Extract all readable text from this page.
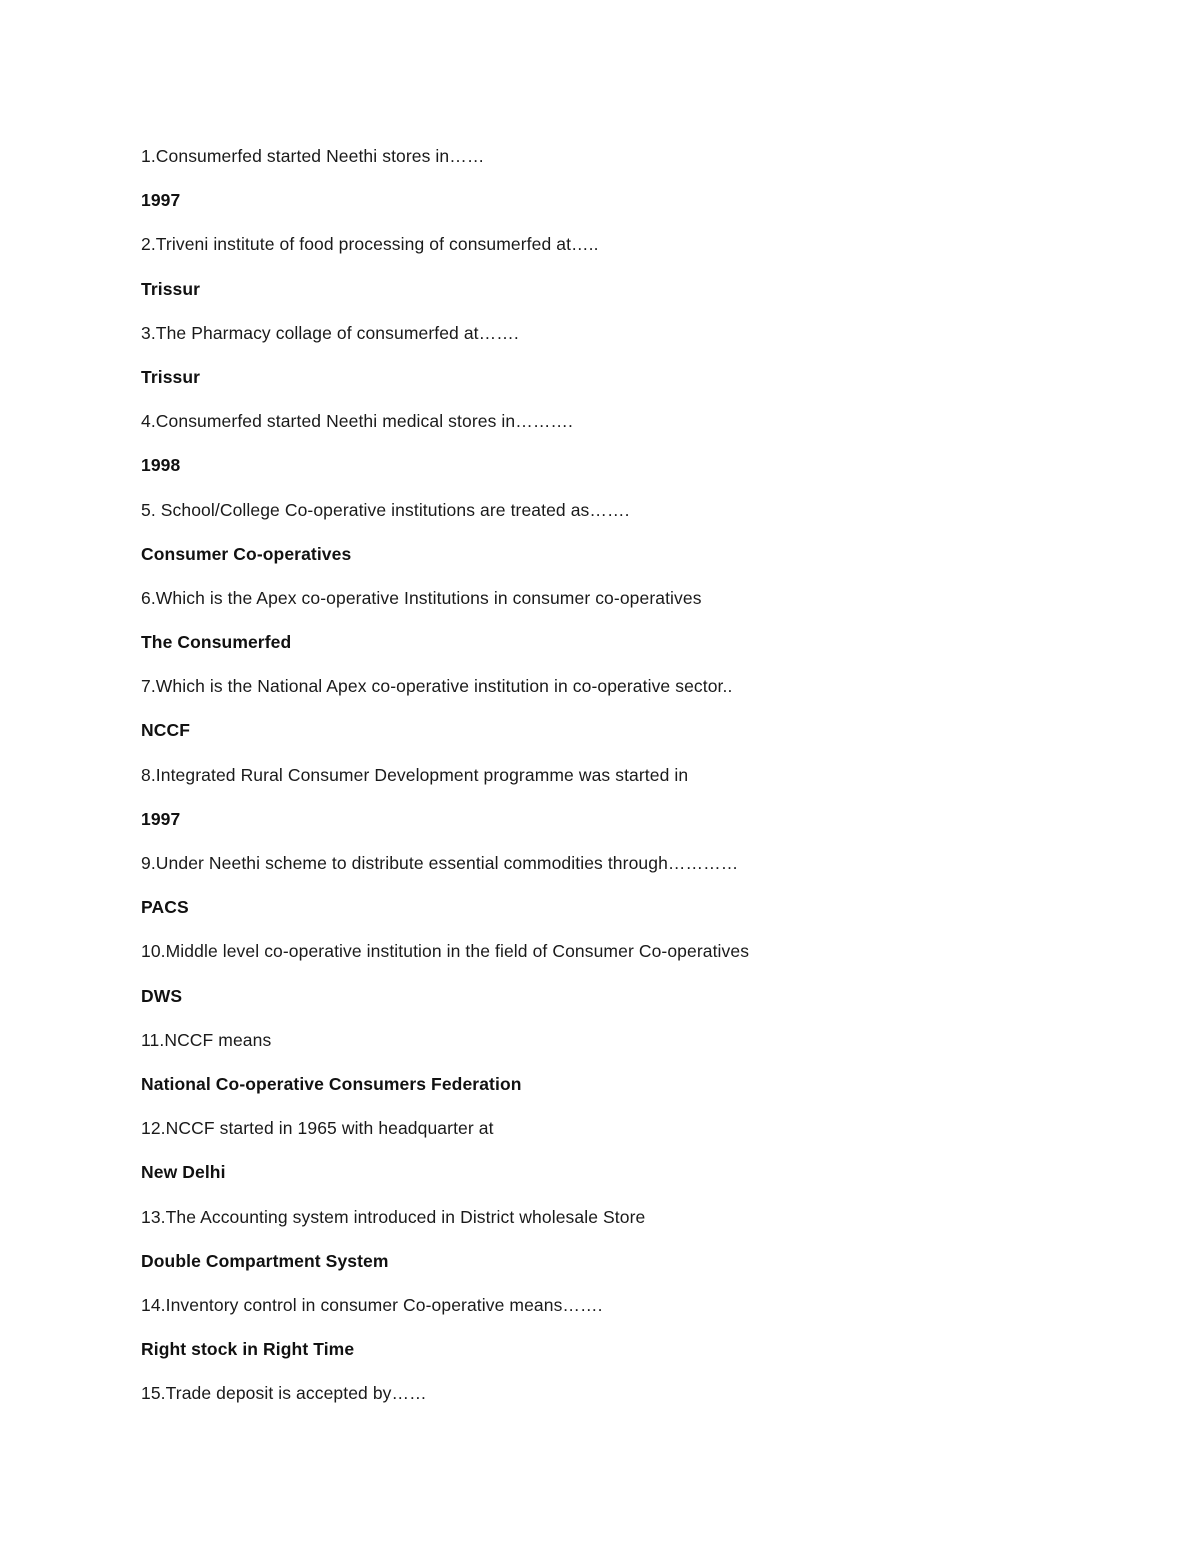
1.Consumerfed started Neethi stores in……
1997
2.Triveni institute of food processing of consumerfed at…..
Trissur
3.The Pharmacy collage of consumerfed at…….
Trissur
4.Consumerfed started Neethi medical stores in……….
1998
5. School/College Co-operative institutions are treated as…….
Consumer Co-operatives
6.Which is the Apex co-operative Institutions in consumer co-operatives
The Consumerfed
7.Which is the National Apex co-operative institution in co-operative sector..
NCCF
8.Integrated Rural Consumer Development programme was started in
1997
9.Under Neethi scheme to distribute essential commodities through…………
PACS
10.Middle level co-operative institution in the field of Consumer Co-operatives
DWS
11.NCCF means
National Co-operative Consumers Federation
12.NCCF started in 1965 with headquarter at
New Delhi
13.The Accounting system introduced in District wholesale Store
Double Compartment System
14.Inventory control in consumer Co-operative means…….
Right stock in Right Time
15.Trade deposit is accepted by……
